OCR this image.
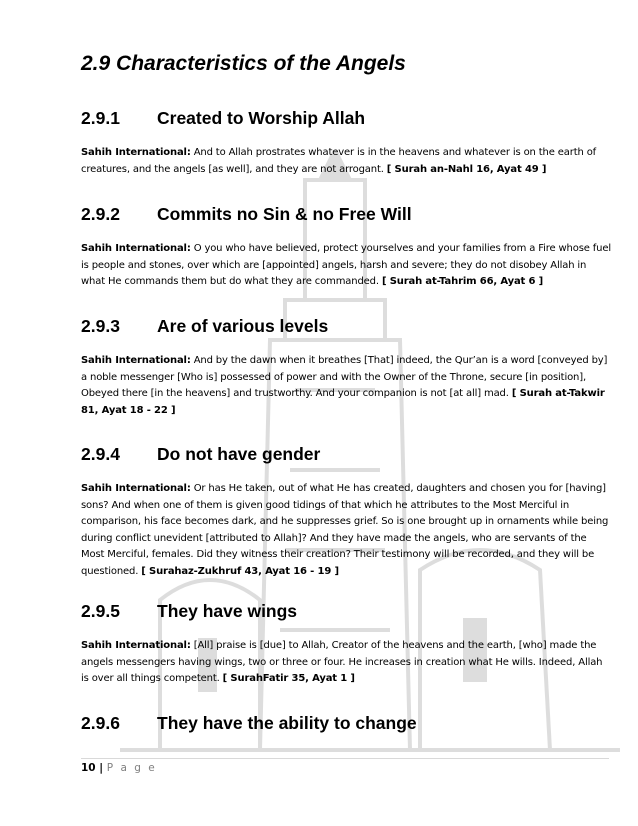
2.9 Characteristics of the Angels
2.9.1 Created to Worship Allah

Sahih International: And to Allah prostrates whatever is in the heavens and whatever is on the earth of creatures, and the angels [as well], and they are not arrogant. [ Surah an-Nahl 16, Ayat 49 ]

2.9.2 Commits no Sin & no Free Will

Sahih International: O you who have believed, protect yourselves and your families from a Fire whose fuel is people and stones, over which are [appointed] angels, harsh and severe; they do not disobey Allah in what He commands them but do what they are commanded. [ Surah at-Tahrim 66, Ayat 6 ]

2.9.3 Are of various levels

Sahih International: And by the dawn when it breathes [That] indeed, the Qur’an is a word [conveyed by] a noble messenger [Who is] possessed of power and with the Owner of the Throne, secure [in position], Obeyed there [in the heavens] and trustworthy. And your companion is not [at all] mad. [ Surah at-Takwir 81, Ayat 18 - 22 ]

2.9.4 Do not have gender

Sahih International: Or has He taken, out of what He has created, daughters and chosen you for [having] sons? And when one of them is given good tidings of that which he attributes to the Most Merciful in comparison, his face becomes dark, and he suppresses grief. So is one brought up in ornaments while being during conflict unevident [attributed to Allah]? And they have made the angels, who are servants of the Most Merciful, females. Did they witness their creation? Their testimony will be recorded, and they will be questioned. [ Surahaz-Zukhruf 43, Ayat 16 - 19 ]

2.9.5 They have wings

Sahih International: [All] praise is [due] to Allah, Creator of the heavens and the earth, [who] made the angels messengers having wings, two or three or four. He increases in creation what He wills. Indeed, Allah is over all things competent. [ SurahFatir 35, Ayat 1 ]

2.9.6 They have the ability to change
10 | P a g e
